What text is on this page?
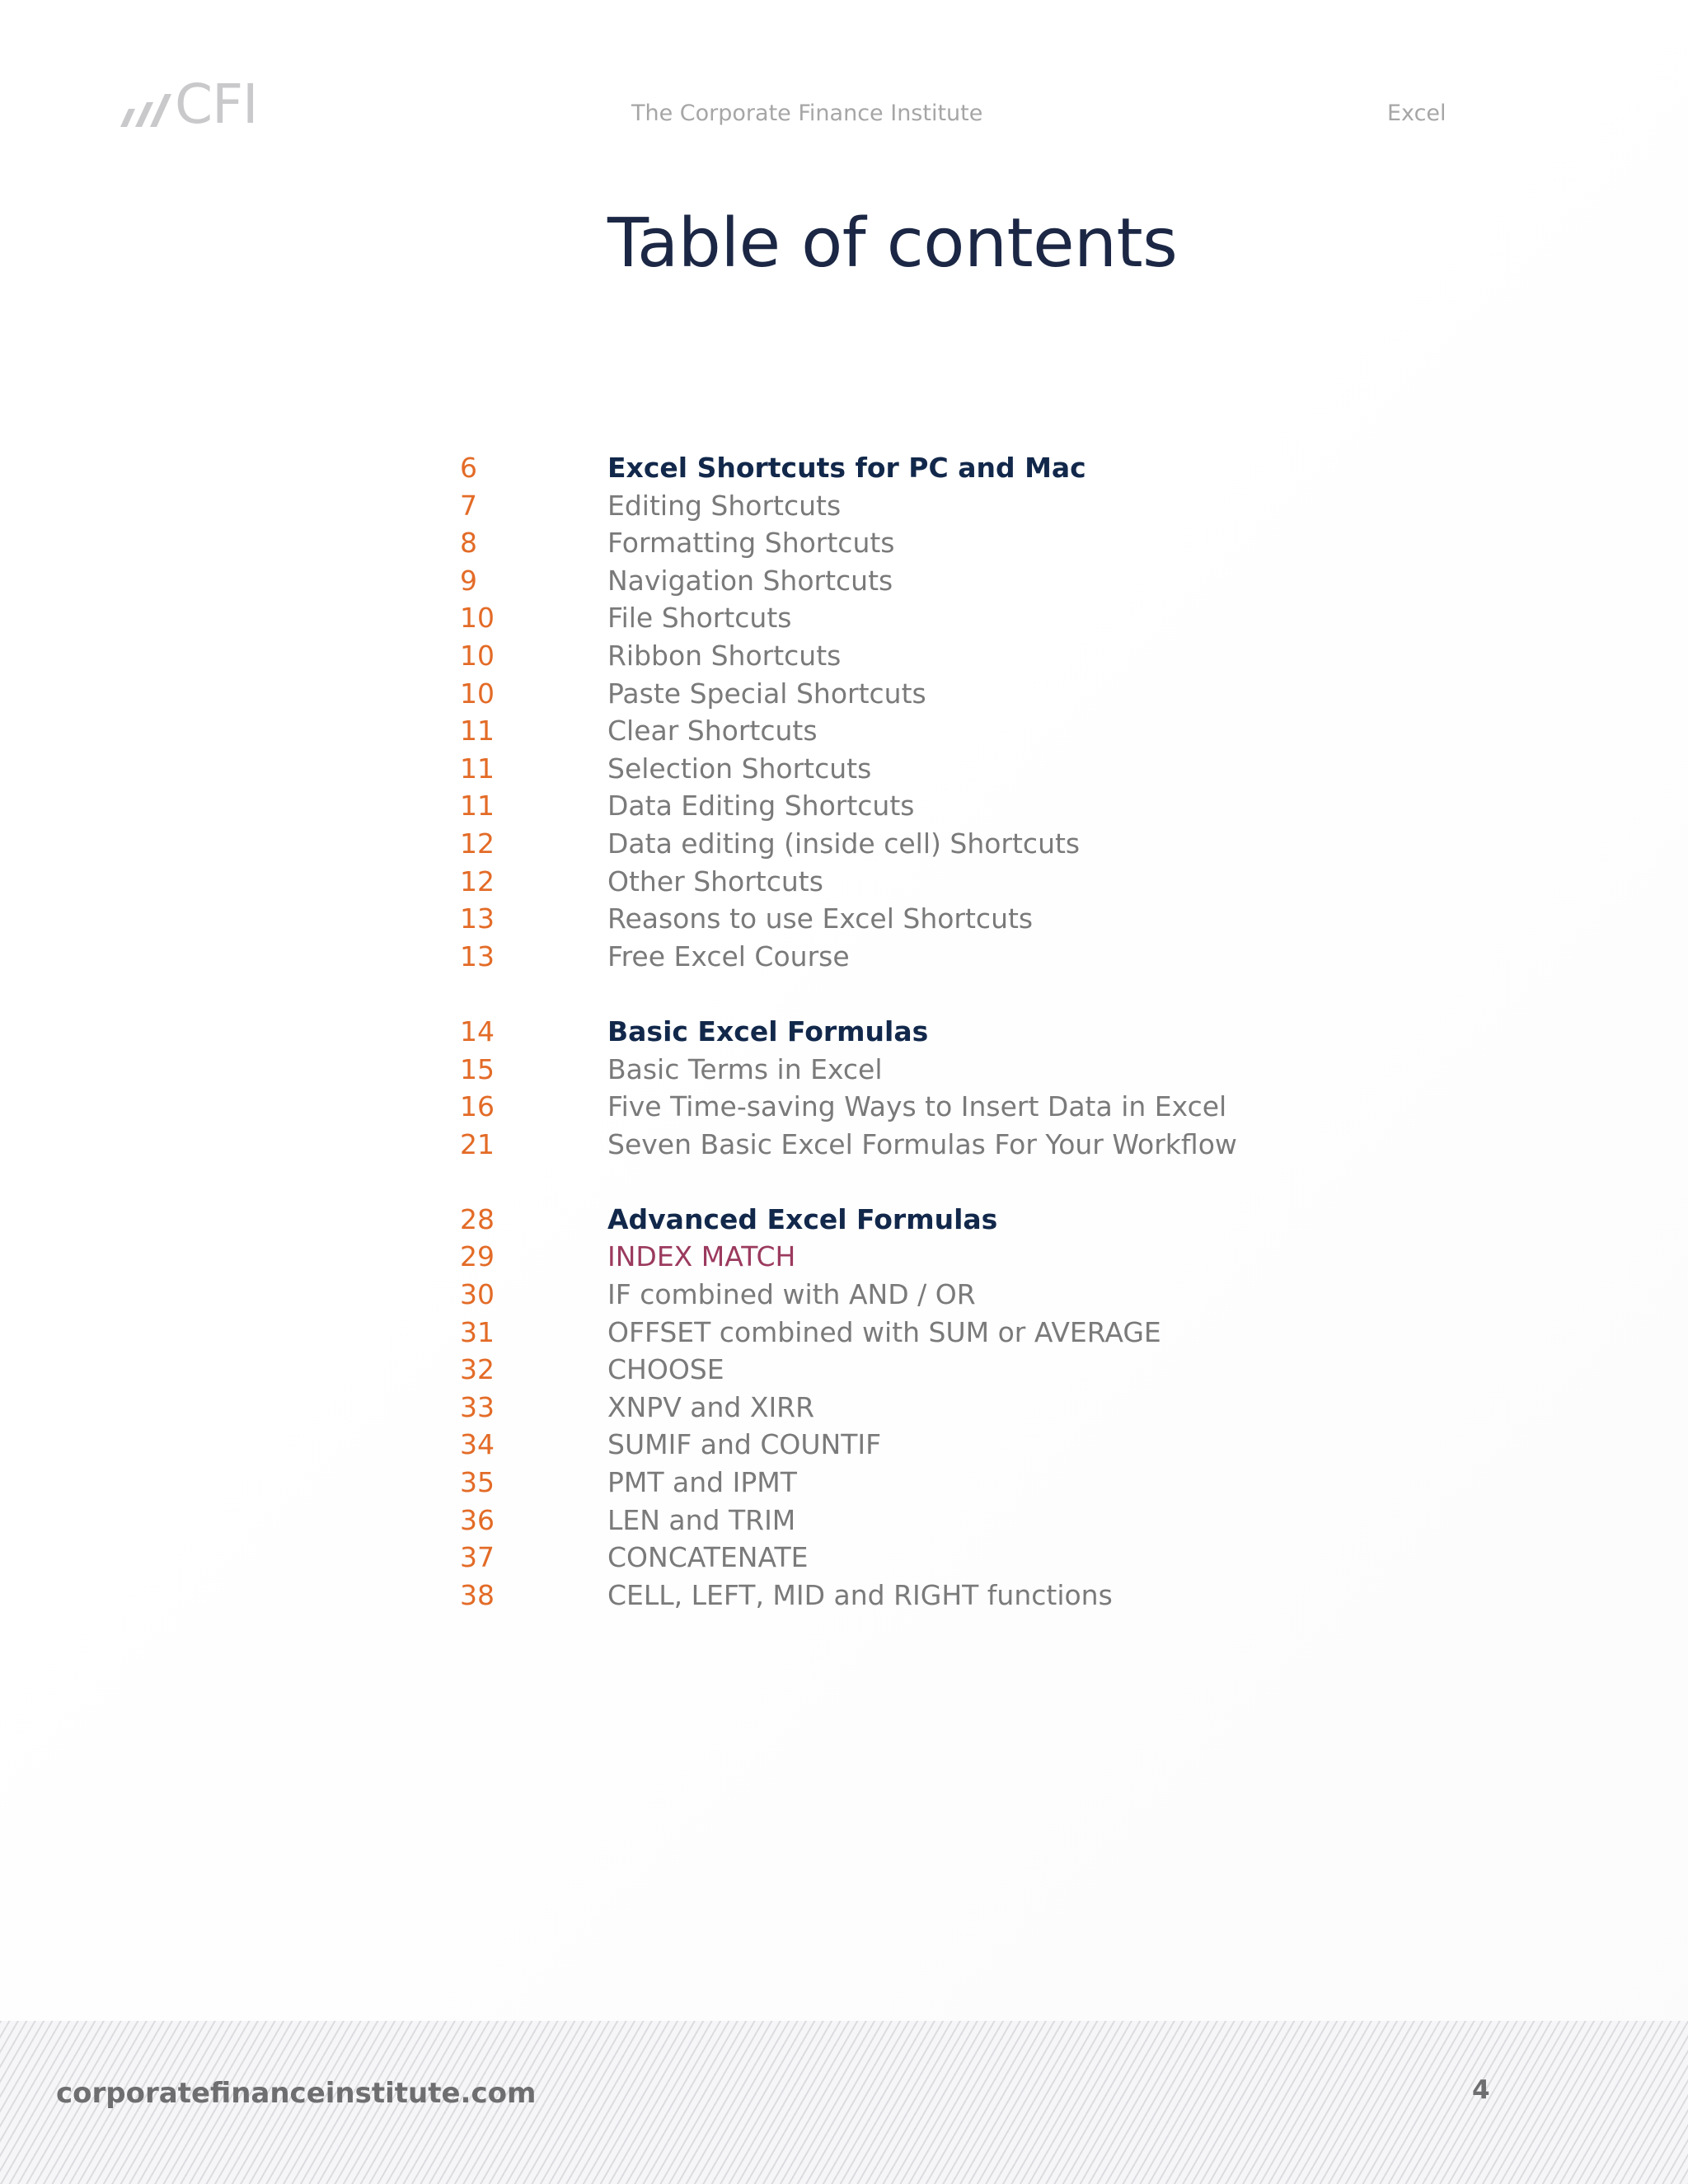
CFI	The Corporate Finance Institute	Excel
Table of contents
6	Excel Shortcuts for PC and Mac
7	Editing Shortcuts
8	Formatting Shortcuts
9	Navigation Shortcuts
10	File Shortcuts
10	Ribbon Shortcuts
10	Paste Special Shortcuts
11	Clear Shortcuts
11	Selection Shortcuts
11	Data Editing Shortcuts
12	Data editing (inside cell) Shortcuts
12	Other Shortcuts
13	Reasons to use Excel Shortcuts
13	Free Excel Course
14	Basic Excel Formulas
15	Basic Terms in Excel
16	Five Time-saving Ways to Insert Data in Excel
21	Seven Basic Excel Formulas For Your Workflow
28	Advanced Excel Formulas
29	INDEX MATCH
30	IF combined with AND / OR
31	OFFSET combined with SUM or AVERAGE
32	CHOOSE
33	XNPV and XIRR
34	SUMIF and COUNTIF
35	PMT and IPMT
36	LEN and TRIM
37	CONCATENATE
38	CELL, LEFT, MID and RIGHT functions
corporatefinanceinstitute.com	4
